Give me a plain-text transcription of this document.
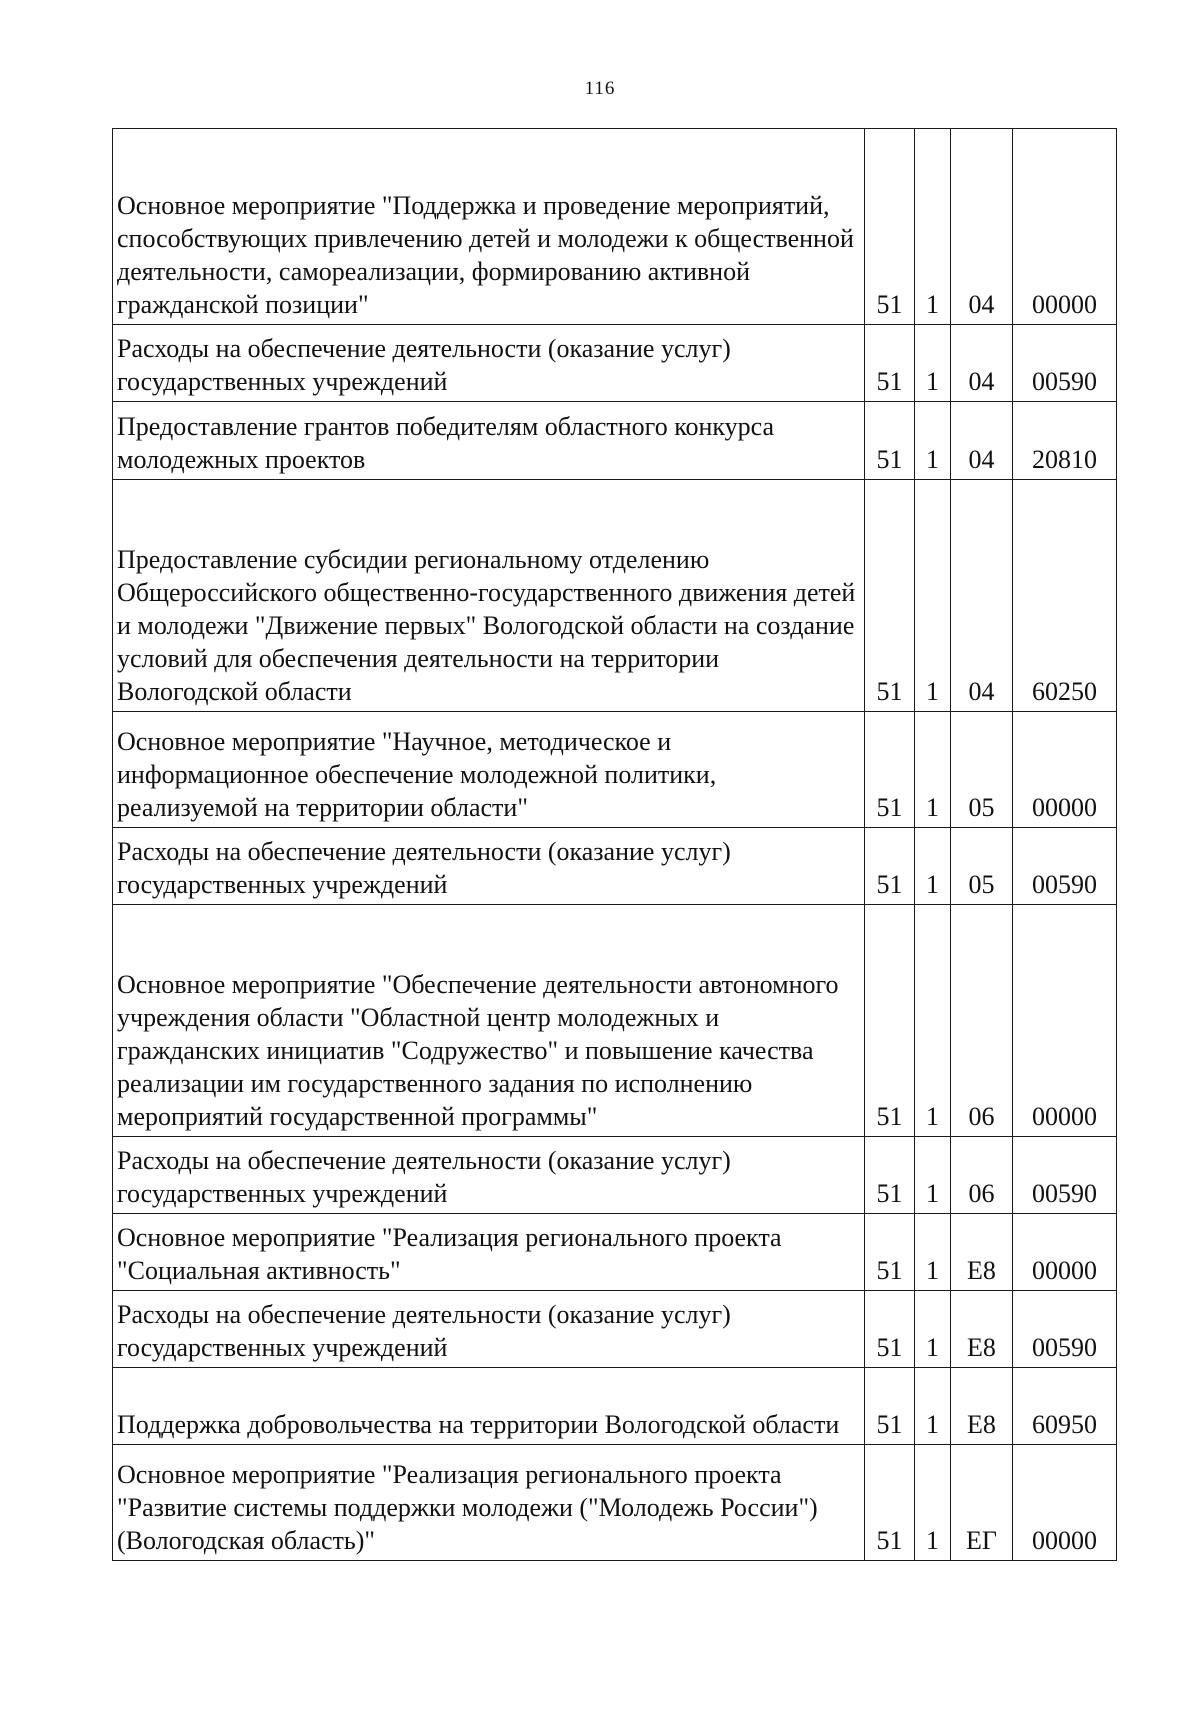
116
Основное мероприятие "Поддержка и проведение мероприятий, способствующих привлечению детей и молодежи к общественной деятельности, самореализации, формированию активной гражданской позиции"	51	1	04	00000
Расходы на обеспечение деятельности (оказание услуг) государственных учреждений	51	1	04	00590
Предоставление грантов победителям областного конкурса молодежных проектов	51	1	04	20810
Предоставление субсидии региональному отделению Общероссийского общественно-государственного движения детей и молодежи "Движение первых" Вологодской области на создание условий для обеспечения деятельности на территории Вологодской области	51	1	04	60250
Основное мероприятие "Научное, методическое и информационное обеспечение молодежной политики, реализуемой на территории области"	51	1	05	00000
Расходы на обеспечение деятельности (оказание услуг) государственных учреждений	51	1	05	00590
Основное мероприятие "Обеспечение деятельности автономного учреждения области "Областной центр молодежных и гражданских инициатив "Содружество" и повышение качества реализации им государственного задания по исполнению мероприятий государственной программы"	51	1	06	00000
Расходы на обеспечение деятельности (оказание услуг) государственных учреждений	51	1	06	00590
Основное мероприятие "Реализация регионального проекта "Социальная активность"	51	1	Е8	00000
Расходы на обеспечение деятельности (оказание услуг) государственных учреждений	51	1	Е8	00590
Поддержка добровольчества на территории Вологодской области	51	1	Е8	60950
Основное мероприятие "Реализация регионального проекта "Развитие системы поддержки молодежи ("Молодежь России") (Вологодская область)"	51	1	ЕГ	00000
